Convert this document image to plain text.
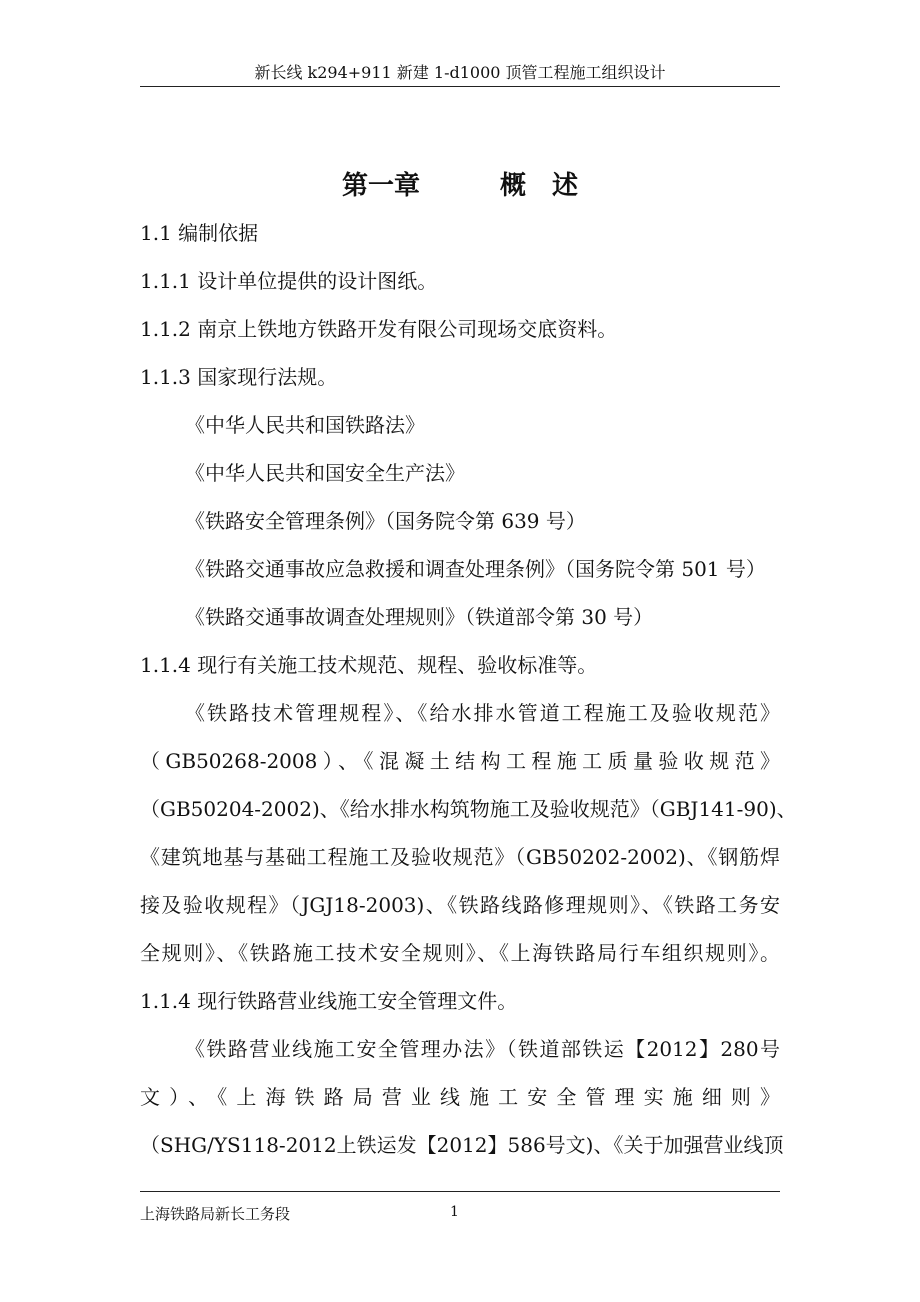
新长线 k294+911 新建 1-d1000 顶管工程施工组织设计
第一章	概　述
1.1 编制依据
1.1.1 设计单位提供的设计图纸。
1.1.2 南京上铁地方铁路开发有限公司现场交底资料。
1.1.3 国家现行法规。
《中华人民共和国铁路法》
《中华人民共和国安全生产法》
《铁路安全管理条例》（国务院令第 639 号）
《铁路交通事故应急救援和调查处理条例》（国务院令第 501 号）
《铁路交通事故调查处理规则》（铁道部令第 30 号）
1.1.4 现行有关施工技术规范、规程、验收标准等。
《铁路技术管理规程》、《给水排水管道工程施工及验收规范》
（GB50268-2008）、《混凝土结构工程施工质量验收规范》
（GB50204-2002)、《给水排水构筑物施工及验收规范》（GBJ141-90)、
《建筑地基与基础工程施工及验收规范》（GB50202-2002)、《钢筋焊
接及验收规程》（JGJ18-2003)、《铁路线路修理规则》、《铁路工务安
全规则》、《铁路施工技术安全规则》、《上海铁路局行车组织规则》。
1.1.4 现行铁路营业线施工安全管理文件。
《铁路营业线施工安全管理办法》（铁道部铁运【2012】280号
文）、《上海铁路局营业线施工安全管理实施细则》
（SHG/YS118-2012上铁运发【2012】586号文)、《关于加强营业线顶
上海铁路局新长工务段	1
